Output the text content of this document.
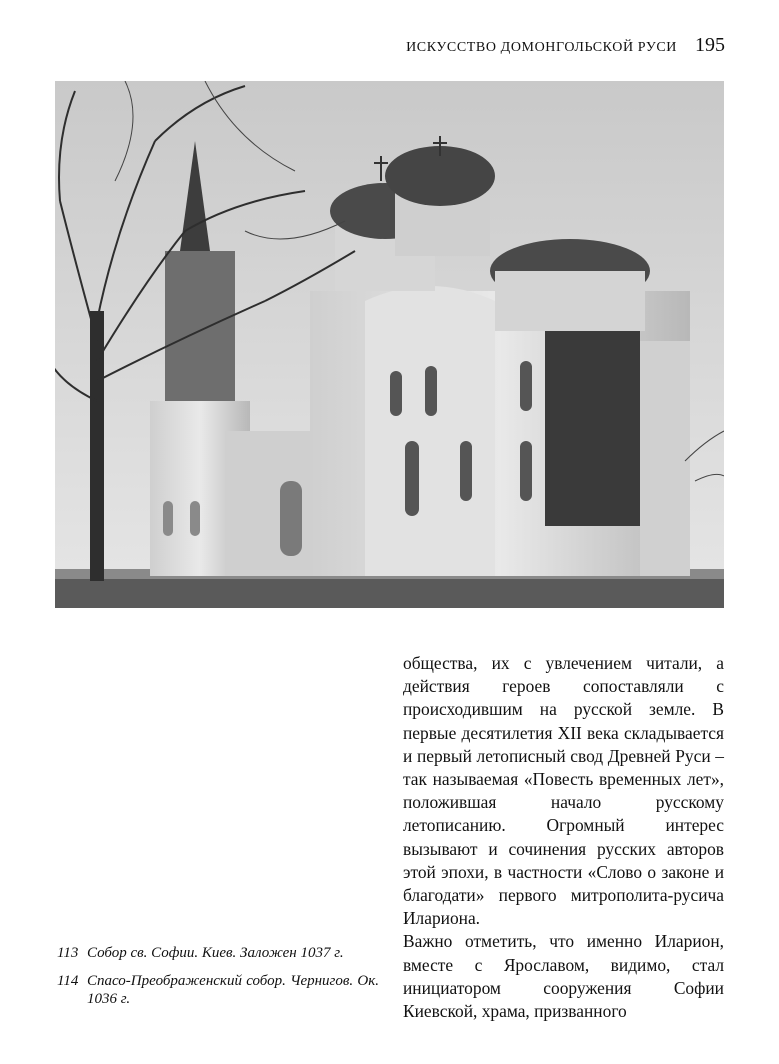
ИСКУССТВО ДОМОНГОЛЬСКОЙ РУСИ 195

общества, их с увлечением читали, а действия героев сопоставляли с происходившим на русской земле. В первые десятилетия XII века складывается и первый летописный свод Древней Руси – так называемая «Повесть временных лет», положившая начало русскому летописанию. Огромный интерес вызывают и сочинения русских авторов этой эпохи, в частности «Слово о законе и благодати» первого митрополита-русича Илариона.

Важно отметить, что именно Иларион, вместе с Ярославом, видимо, стал инициатором сооружения Софии Киевской, храма, призванного

113 Собор св. Софии. Киев. Заложен 1037 г.
114 Спасо-Преображенский собор. Чернигов. Ок. 1036 г.
